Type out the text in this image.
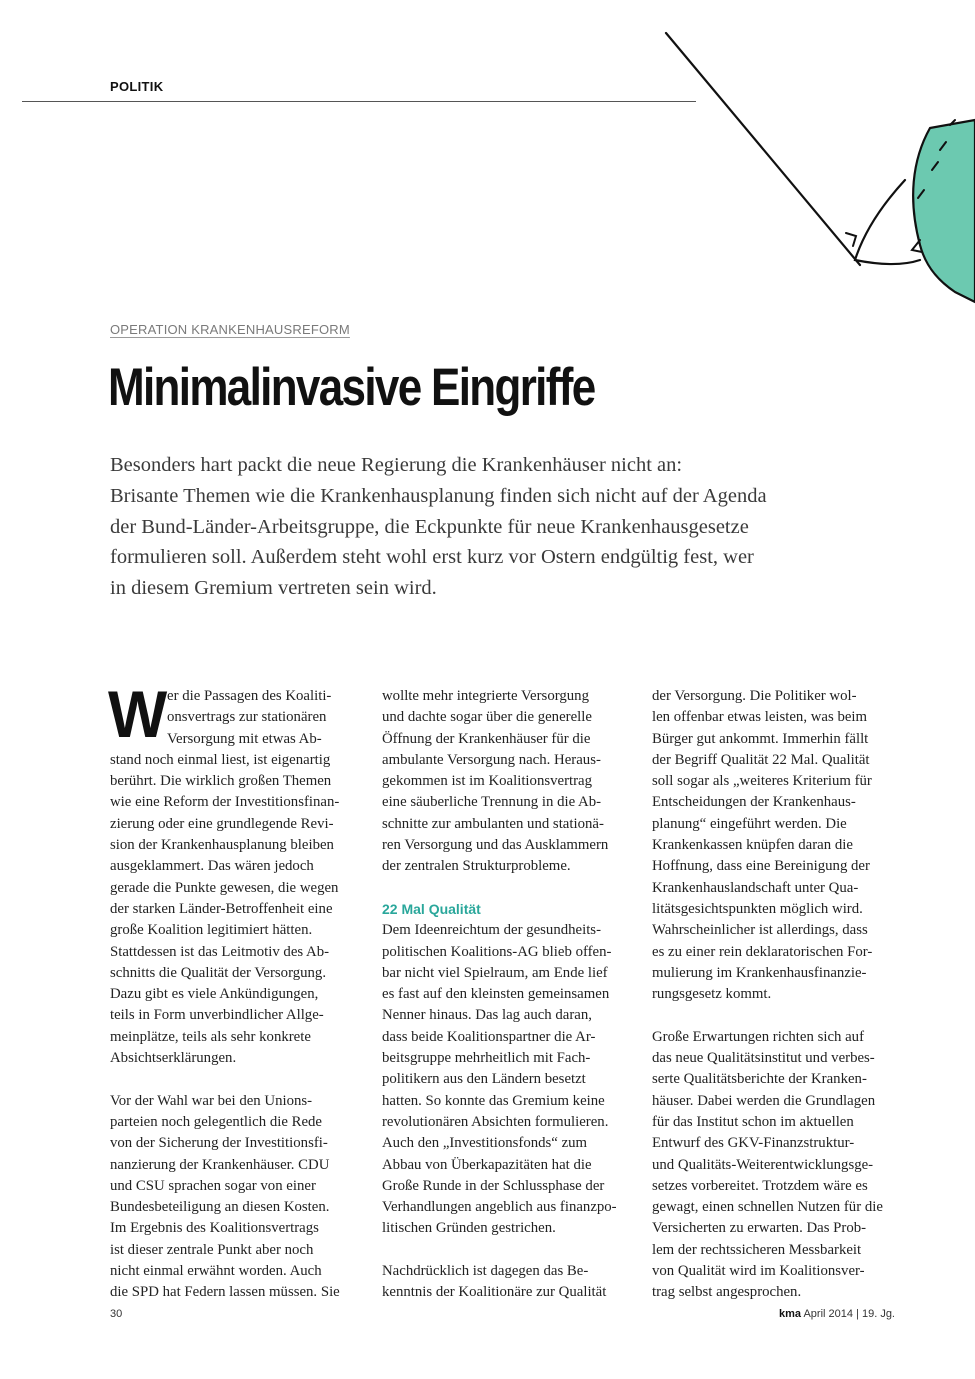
POLITIK
OPERATION KRANKENHAUSREFORM
Minimalinvasive Eingriffe
Besonders hart packt die neue Regierung die Krankenhäuser nicht an:
Brisante Themen wie die Krankenhausplanung finden sich nicht auf der Agenda
der Bund-Länder-Arbeitsgruppe, die Eckpunkte für neue Krankenhausgesetze
formulieren soll. Außerdem steht wohl erst kurz vor Ostern endgültig fest, wer
in diesem Gremium vertreten sein wird.
W er die Passagen des Koaliti-
onsvertrags zur stationären
Versorgung mit etwas Ab-
stand noch einmal liest, ist eigenartig
berührt. Die wirklich großen Themen
wie eine Reform der Investitionsfinan-
zierung oder eine grundlegende Revi-
sion der Krankenhausplanung bleiben
ausgeklammert. Das wären jedoch
gerade die Punkte gewesen, die wegen
der starken Länder-Betroffenheit eine
große Koalition legitimiert hätten.
Stattdessen ist das Leitmotiv des Ab-
schnitts die Qualität der Versorgung.
Dazu gibt es viele Ankündigungen,
teils in Form unverbindlicher Allge-
meinplätze, teils als sehr konkrete
Absichtserklärungen.
Vor der Wahl war bei den Unions-
parteien noch gelegentlich die Rede
von der Sicherung der Investitionsfi-
nanzierung der Krankenhäuser. CDU
und CSU sprachen sogar von einer
Bundesbeteiligung an diesen Kosten.
Im Ergebnis des Koalitionsvertrags
ist dieser zentrale Punkt aber noch
nicht einmal erwähnt worden. Auch
die SPD hat Federn lassen müssen. Sie
wollte mehr integrierte Versorgung
und dachte sogar über die generelle
Öffnung der Krankenhäuser für die
ambulante Versorgung nach. Heraus-
gekommen ist im Koalitionsvertrag
eine säuberliche Trennung in die Ab-
schnitte zur ambulanten und stationä-
ren Versorgung und das Ausklammern
der zentralen Strukturprobleme.
22 Mal Qualität
Dem Ideenreichtum der gesundheits-
politischen Koalitions-AG blieb offen-
bar nicht viel Spielraum, am Ende lief
es fast auf den kleinsten gemeinsamen
Nenner hinaus. Das lag auch daran,
dass beide Koalitionspartner die Ar-
beitsgruppe mehrheitlich mit Fach-
politikern aus den Ländern besetzt
hatten. So konnte das Gremium keine
revolutionären Absichten formulieren.
Auch den „Investitionsfonds“ zum
Abbau von Überkapazitäten hat die
Große Runde in der Schlussphase der
Verhandlungen angeblich aus finanzpo-
litischen Gründen gestrichen.
Nachdrücklich ist dagegen das Be-
kenntnis der Koalitionäre zur Qualität
der Versorgung. Die Politiker wol-
len offenbar etwas leisten, was beim
Bürger gut ankommt. Immerhin fällt
der Begriff Qualität 22 Mal. Qualität
soll sogar als „weiteres Kriterium für
Entscheidungen der Krankenhaus-
planung“ eingeführt werden. Die
Krankenkassen knüpfen daran die
Hoffnung, dass eine Bereinigung der
Krankenhauslandschaft unter Qua-
litätsgesichtspunkten möglich wird.
Wahrscheinlicher ist allerdings, dass
es zu einer rein deklaratorischen For-
mulierung im Krankenhausfinanzie-
rungsgesetz kommt.
Große Erwartungen richten sich auf
das neue Qualitätsinstitut und verbes-
serte Qualitätsberichte der Kranken-
häuser. Dabei werden die Grundlagen
für das Institut schon im aktuellen
Entwurf des GKV-Finanzstruktur-
und Qualitäts-Weiterentwicklungsge-
setzes vorbereitet. Trotzdem wäre es
gewagt, einen schnellen Nutzen für die
Versicherten zu erwarten. Das Prob-
lem der rechtssicheren Messbarkeit
von Qualität wird im Koalitionsver-
trag selbst angesprochen.
30	kma April 2014 | 19. Jg.
